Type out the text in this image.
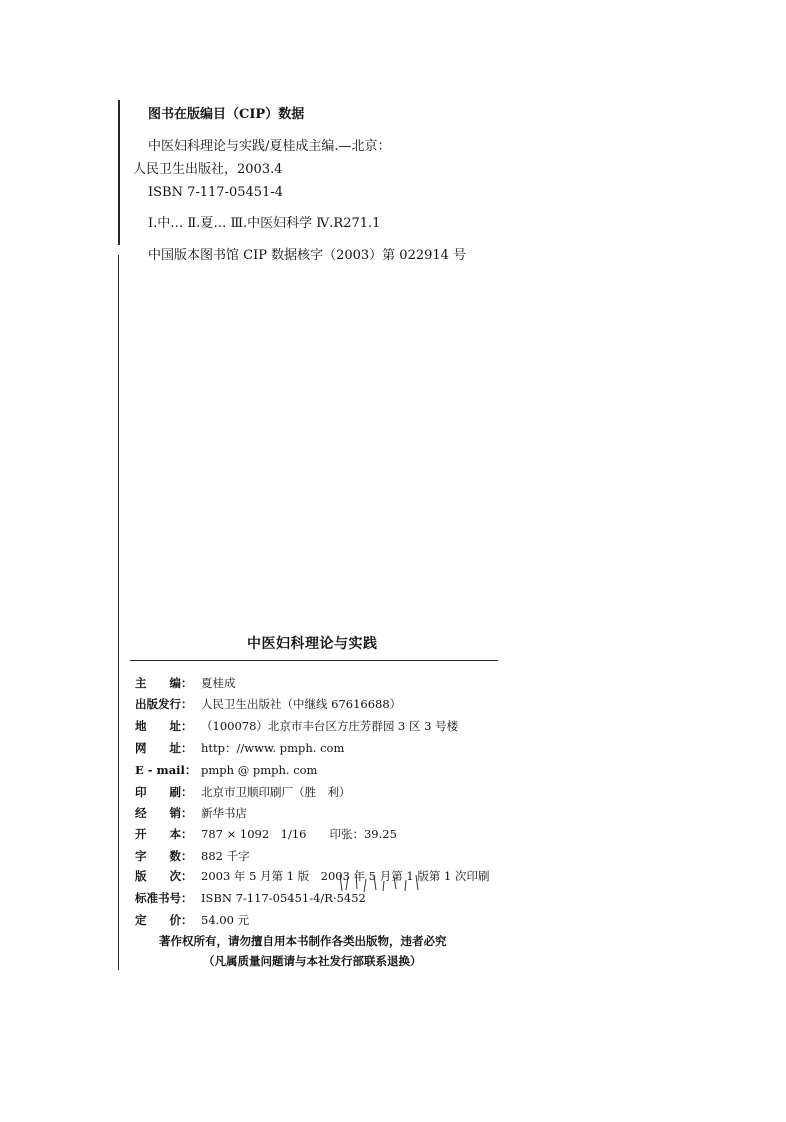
图书在版编目（CIP）数据
中医妇科理论与实践/夏桂成主编.—北京：
人民卫生出版社，2003.4
ISBN 7-117-05451-4
Ⅰ.中… Ⅱ.夏… Ⅲ.中医妇科学 Ⅳ.R271.1
中国版本图书馆 CIP 数据核字（2003）第 022914 号
中医妇科理论与实践
主　　编： 夏桂成
出版发行： 人民卫生出版社（中继线 67616688）
地　　址： （100078）北京市丰台区方庄芳群园 3 区 3 号楼
网　　址： http：//www. pmph. com
E - mail： pmph @ pmph. com
印　　刷： 北京市卫顺印刷厂（胜　利）
经　　销： 新华书店
开　　本： 787 × 1092　1/16　　印张：39.25
字　　数： 882 千字
版　　次： 2003 年 5 月第 1 版　2003 年 5 月第 1 版第 1 次印刷
标准书号： ISBN 7-117-05451-4/R·5452
定　　价： 54.00 元
著作权所有，请勿擅自用本书制作各类出版物，违者必究
（凡属质量问题请与本社发行部联系退换）
